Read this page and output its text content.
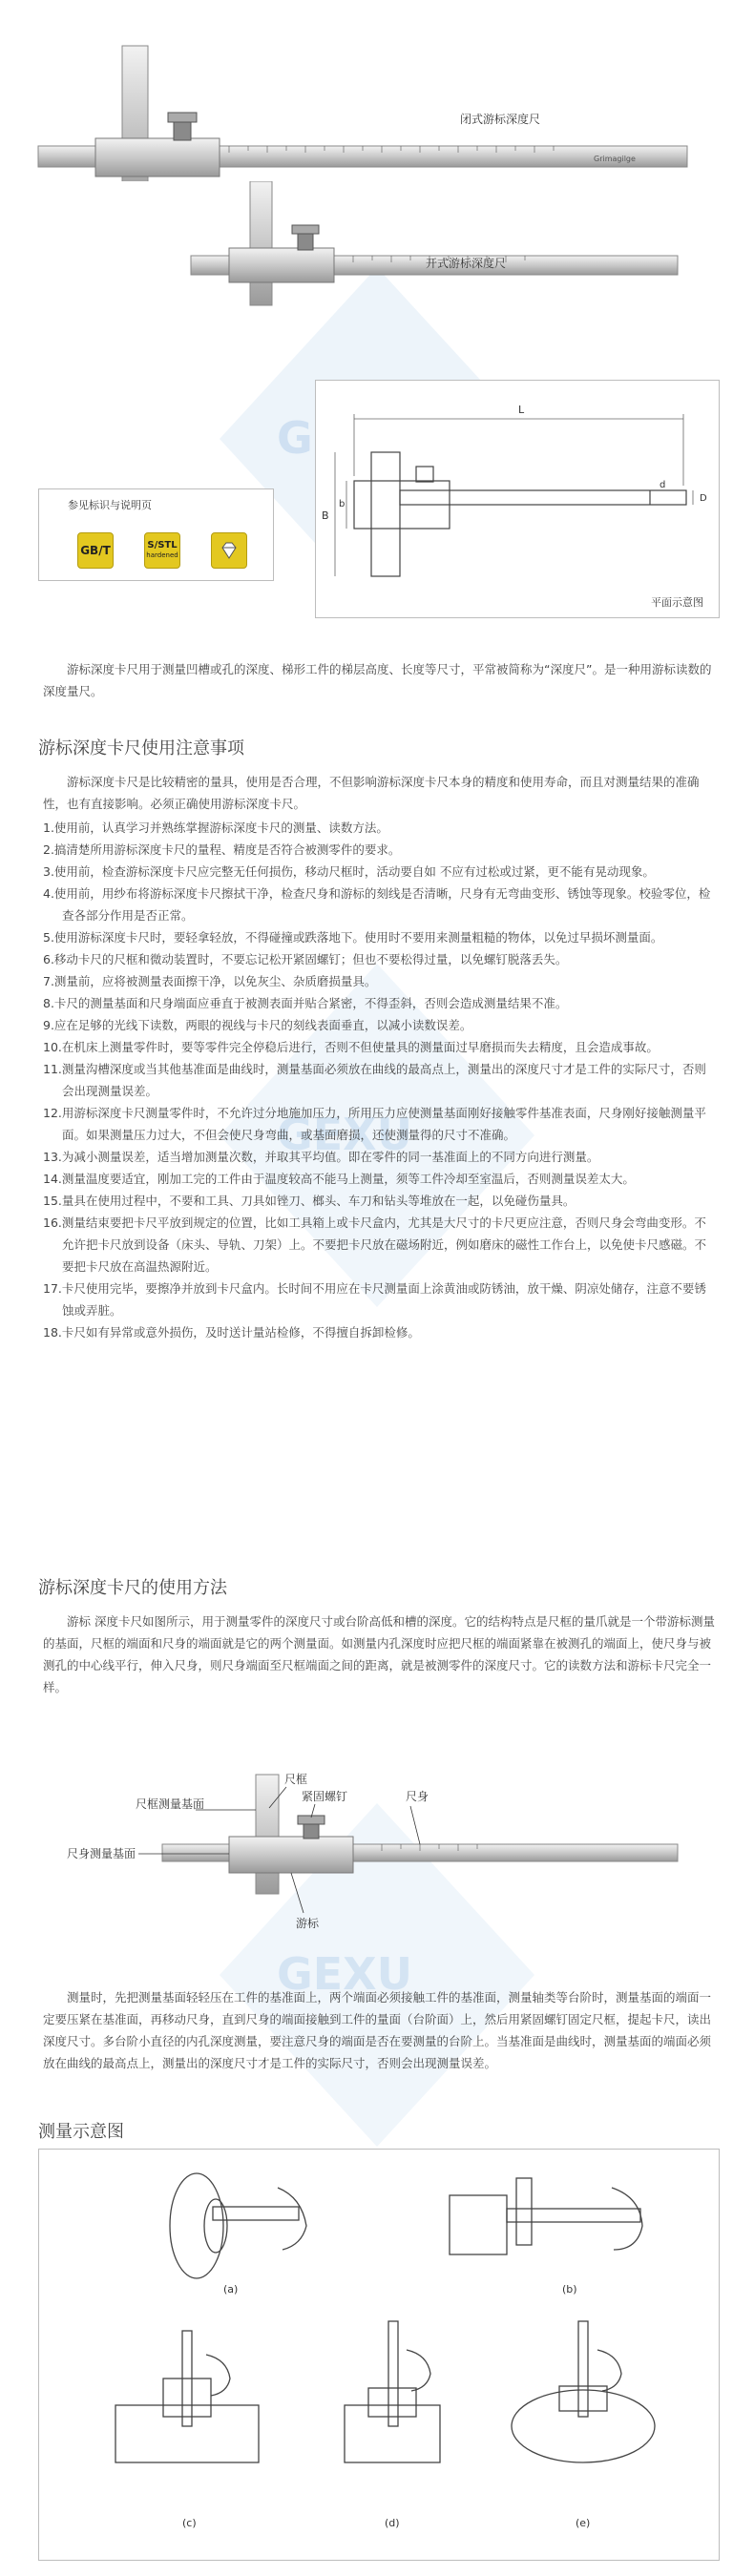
GEXU
GEXU
Grimagilge
闭式游标深度尺
开式游标深度尺
参见标识与说明页
GB/T	S/STL
hardened
L
B
b
D
d
平面示意图

游标深度卡尺用于测量凹槽或孔的深度、梯形工件的梯层高度、长度等尺寸，平常被简称为“深度尺”。是一种用游标读数的深度量尺。

游标深度卡尺使用注意事项

游标深度卡尺是比较精密的量具，使用是否合理，不但影响游标深度卡尺本身的精度和使用寿命，而且对测量结果的准确性，也有直接影响。必须正确使用游标深度卡尺。

1.使用前，认真学习并熟练掌握游标深度卡尺的测量、读数方法。
2.搞清楚所用游标深度卡尺的量程、精度是否符合被测零件的要求。
3.使用前，检查游标深度卡尺应完整无任何损伤，移动尺框时，活动要自如 不应有过松或过紧，更不能有晃动现象。
4.使用前，用纱布将游标深度卡尺擦拭干净，检查尺身和游标的刻线是否清晰，尺身有无弯曲变形、锈蚀等现象。校验零位，检查各部分作用是否正常。
5.使用游标深度卡尺时，要轻拿轻放，不得碰撞或跌落地下。使用时不要用来测量粗糙的物体，以免过早损坏测量面。
6.移动卡尺的尺框和微动装置时，不要忘记松开紧固螺钉；但也不要松得过量，以免螺钉脱落丢失。
7.测量前，应将被测量表面擦干净，以免灰尘、杂质磨损量具。
8.卡尺的测量基面和尺身端面应垂直于被测表面并贴合紧密，不得歪斜，否则会造成测量结果不准。
9.应在足够的光线下读数，两眼的视线与卡尺的刻线表面垂直，以减小读数误差。
10.在机床上测量零件时，要等零件完全停稳后进行，否则不但使量具的测量面过早磨损而失去精度，且会造成事故。
11.测量沟槽深度或当其他基准面是曲线时，测量基面必须放在曲线的最高点上，测量出的深度尺寸才是工件的实际尺寸，否则会出现测量误差。
12.用游标深度卡尺测量零件时，不允许过分地施加压力，所用压力应使测量基面刚好接触零件基准表面，尺身刚好接触测量平面。如果测量压力过大，不但会使尺身弯曲，或基面磨损，还使测量得的尺寸不准确。
13.为减小测量误差，适当增加测量次数，并取其平均值。即在零件的同一基准面上的不同方向进行测量。
14.测量温度要适宜，刚加工完的工件由于温度较高不能马上测量，须等工件冷却至室温后，否则测量误差太大。
15.量具在使用过程中，不要和工具、刀具如锉刀、榔头、车刀和钻头等堆放在一起，以免碰伤量具。
16.测量结束要把卡尺平放到规定的位置，比如工具箱上或卡尺盒内，尤其是大尺寸的卡尺更应注意，否则尺身会弯曲变形。不允许把卡尺放到设备（床头、导轨、刀架）上。不要把卡尺放在磁场附近，例如磨床的磁性工作台上，以免使卡尺感磁。不要把卡尺放在高温热源附近。
17.卡尺使用完毕，要擦净并放到卡尺盒内。长时间不用应在卡尺测量面上涂黄油或防锈油，放干燥、阴凉处储存，注意不要锈蚀或弄脏。
18.卡尺如有异常或意外损伤，及时送计量站检修，不得擅自拆卸检修。
游标深度卡尺的使用方法

游标 深度卡尺如图所示，用于测量零件的深度尺寸或台阶高低和槽的深度。它的结构特点是尺框的量爪就是一个带游标测量的基面，尺框的端面和尺身的端面就是它的两个测量面。如测量内孔深度时应把尺框的端面紧靠在被测孔的端面上，使尺身与被测孔的中心线平行，伸入尺身，则尺身端面至尺框端面之间的距离，就是被测零件的深度尺寸。它的读数方法和游标卡尺完全一样。

尺框
尺框测量基面
紧固螺钉	尺身
尺身测量基面
游标

测量时，先把测量基面轻轻压在工件的基准面上，两个端面必须接触工件的基准面，测量轴类等台阶时，测量基面的端面一定要压紧在基准面，再移动尺身，直到尺身的端面接触到工件的量面（台阶面）上，然后用紧固螺钉固定尺框，提起卡尺，读出深度尺寸。多台阶小直径的内孔深度测量，要注意尺身的端面是否在要测量的台阶上。当基准面是曲线时，测量基面的端面必须放在曲线的最高点上，测量出的深度尺寸才是工件的实际尺寸，否则会出现测量误差。

测量示意图
(a)	(b)
(c)	(d)	(e)
